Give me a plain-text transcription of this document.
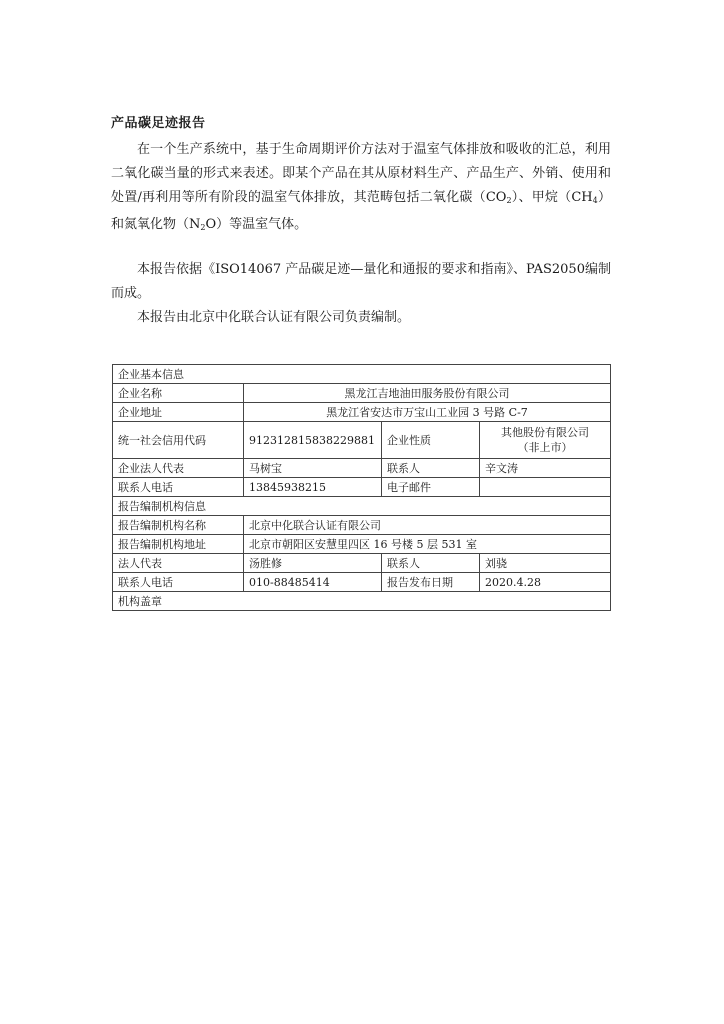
产品碳足迹报告

在一个生产系统中，基于生命周期评价方法对于温室气体排放和吸收的汇总，利用二氧化碳当量的形式来表述。即某个产品在其从原材料生产、产品生产、外销、使用和处置/再利用等所有阶段的温室气体排放，其范畴包括二氧化碳$(CO_2)$、甲烷$(CH_4)$和氮氧化物$(N_2O)$等温室气体。

本报告依据《ISO14067 产品碳足迹—量化和通报的要求和指南》、PAS2050编制而成。

本报告由北京中化联合认证有限公司负责编制。

企业基本信息			
企业名称	黑龙江吉地油田服务股份有限公司		
企业地址	黑龙江省安达市万宝山工业园 3 号路 C-7		
统一社会信用代码	912312815838229881	企业性质	其他股份有限公司
（非上市）

企业法人代表	马树宝	联系人	辛文涛
联系人电话	13845938215	电子邮件	
报告编制机构信息			
报告编制机构名称	北京中化联合认证有限公司		
报告编制机构地址	北京市朝阳区安慧里四区 16 号楼 5 层 531 室		
法人代表	汤胜修	联系人	刘骁
联系人电话	010-88485414	报告发布日期	2020.4.28
机构盖章			
